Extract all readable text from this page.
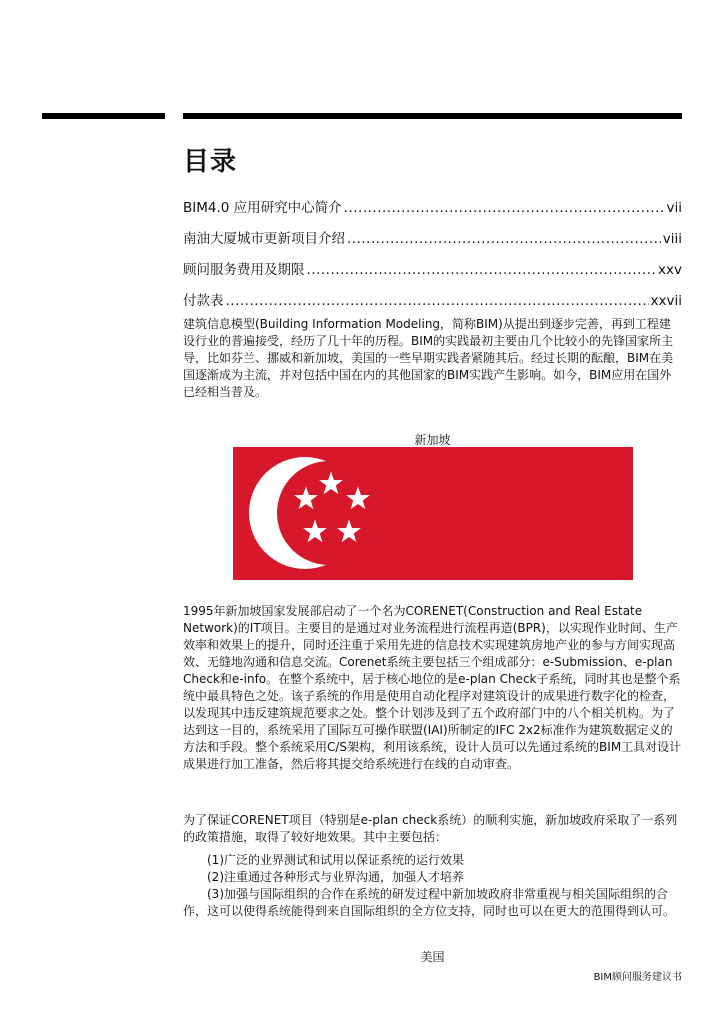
目录
BIM4.0 应用研究中心简介 .....	vii
南油大厦城市更新项目介绍 .....	viii
顾问服务费用及期限 .....	xxv
付款表 .....	xxvii

建筑信息模型(Building Information Modeling，简称BIM)从提出到逐步完善，再到工程建设行业的普遍接受，经历了几十年的历程。BIM的实践最初主要由几个比较小的先锋国家所主导，比如芬兰、挪威和新加坡，美国的一些早期实践者紧随其后。经过长期的酝酿，BIM在美国逐渐成为主流，并对包括中国在内的其他国家的BIM实践产生影响。如今，BIM应用在国外已经相当普及。

新加坡

1995年新加坡国家发展部启动了一个名为CORENET(Construction and Real Estate Network)的IT项目。主要目的是通过对业务流程进行流程再造(BPR)，以实现作业时间、生产效率和效果上的提升，同时还注重于采用先进的信息技术实现建筑房地产业的参与方间实现高效、无缝地沟通和信息交流。Corenet系统主要包括三个组成部分：e-Submission、e-plan Check和e-info。在整个系统中，居于核心地位的是e-plan Check子系统，同时其也是整个系统中最具特色之处。该子系统的作用是使用自动化程序对建筑设计的成果进行数字化的检查，以发现其中违反建筑规范要求之处。整个计划涉及到了五个政府部门中的八个相关机构。为了达到这一目的，系统采用了国际互可操作联盟(IAI)所制定的IFC 2x2标准作为建筑数据定义的方法和手段。整个系统采用C/S架构，利用该系统，设计人员可以先通过系统的BIM工具对设计成果进行加工准备，然后将其提交给系统进行在线的自动审查。

为了保证CORENET项目（特别是e-plan check系统）的顺利实施，新加坡政府采取了一系列的政策措施，取得了较好地效果。其中主要包括：

(1)广泛的业界测试和试用以保证系统的运行效果
(2)注重通过各种形式与业界沟通，加强人才培养
(3)加强与国际组织的合作在系统的研发过程中新加坡政府非常重视与相关国际组织的合作，这可以使得系统能得到来自国际组织的全方位支持，同时也可以在更大的范围得到认可。
美国
BIM顾问服务建议书
